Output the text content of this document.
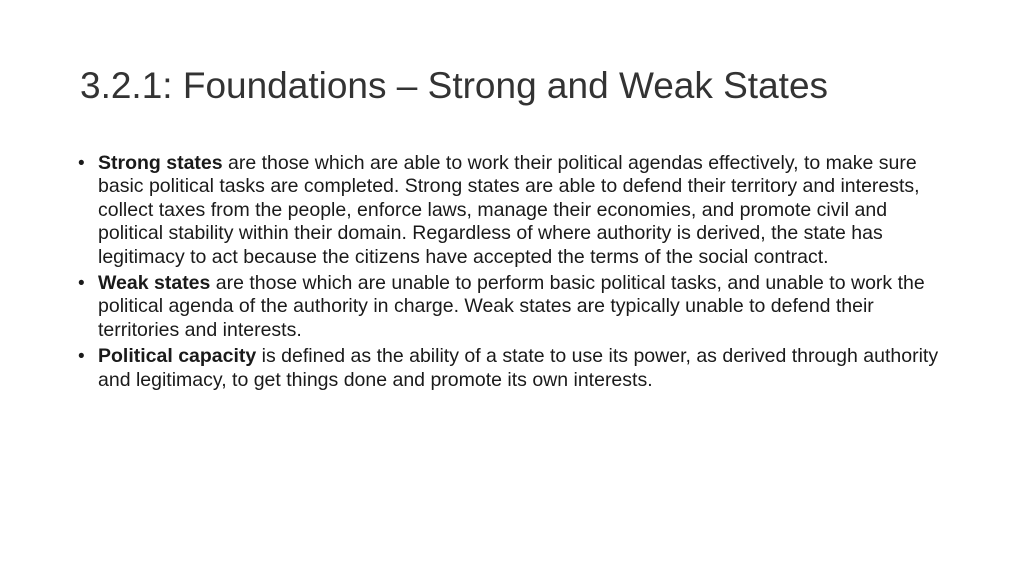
3.2.1: Foundations – Strong and Weak States
• Strong states are those which are able to work their political agendas effectively, to make sure basic political tasks are completed. Strong states are able to defend their territory and interests, collect taxes from the people, enforce laws, manage their economies, and promote civil and political stability within their domain. Regardless of where authority is derived, the state has legitimacy to act because the citizens have accepted the terms of the social contract.
• Weak states are those which are unable to perform basic political tasks, and unable to work the political agenda of the authority in charge. Weak states are typically unable to defend their territories and interests.
• Political capacity is defined as the ability of a state to use its power, as derived through authority and legitimacy, to get things done and promote its own interests.
